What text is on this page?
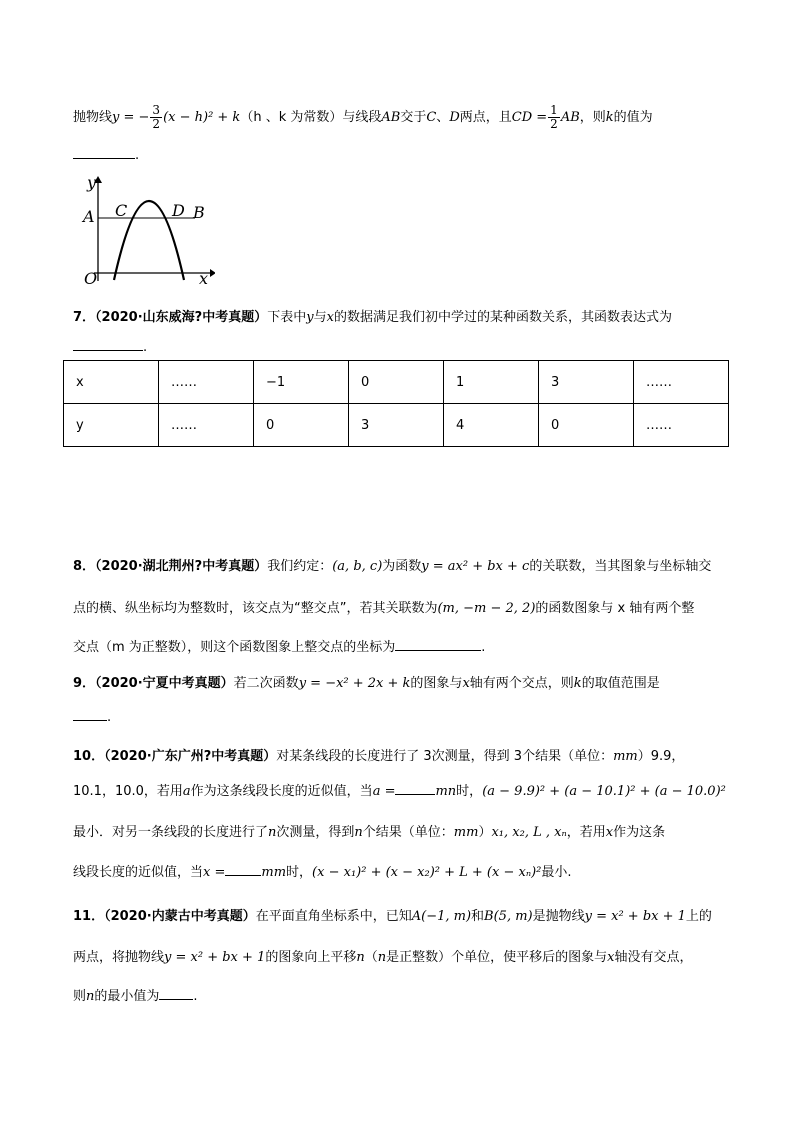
抛物线y = − $\frac{3}{2} (x - h)^2 + k(h$ 、k 为常数）与线段AB交于C、D两点，且CD = $\frac{1}{2}$ AB，则k的值为
.
y
x
O
A	B
C	D
7．（2020·山东威海?中考真题）下表中y与x的数据满足我们初中学过的某种函数关系，其函数表达式为
.
x	……	−1	0	1	3	……
y	……	0	3	4	0	……
8．（2020·湖北荆州?中考真题）我们约定：(a, b, c)为函数y = ax² + bx + c的关联数，当其图象与坐标轴交
点的横、纵坐标均为整数时，该交点为“整交点”，若其关联数为(m, −m − 2, 2)的函数图象与 x 轴有两个整
交点（m 为正整数），则这个函数图象上整交点的坐标为	.
9．（2020·宁夏中考真题）若二次函数y = −x² + 2x + k的图象与x轴有两个交点，则k的取值范围是
.
10．（2020·广东广州?中考真题）对某条线段的长度进行了 3次测量，得到 3个结果（单位：mm）9.9，
10.1，10.0，若用a作为这条线段长度的近似值，当a =	mn时，(a − 9.9)² + (a − 10.1)² + (a − 10.0)²
最小．对另一条线段的长度进行了n次测量，得到n个结果（单位：mm）x₁, x₂, L , xₙ，若用x作为这条
线段长度的近似值，当x =	mm时，(x − x₁)² + (x − x₂)² + L + (x − xₙ)²最小.
11．（2020·内蒙古中考真题）在平面直角坐标系中，已知A(−1, m)和B(5, m)是抛物线y = x² + bx + 1上的
两点，将抛物线y = x² + bx + 1的图象向上平移n（n是正整数）个单位，使平移后的图象与x轴没有交点，
则n的最小值为	.
